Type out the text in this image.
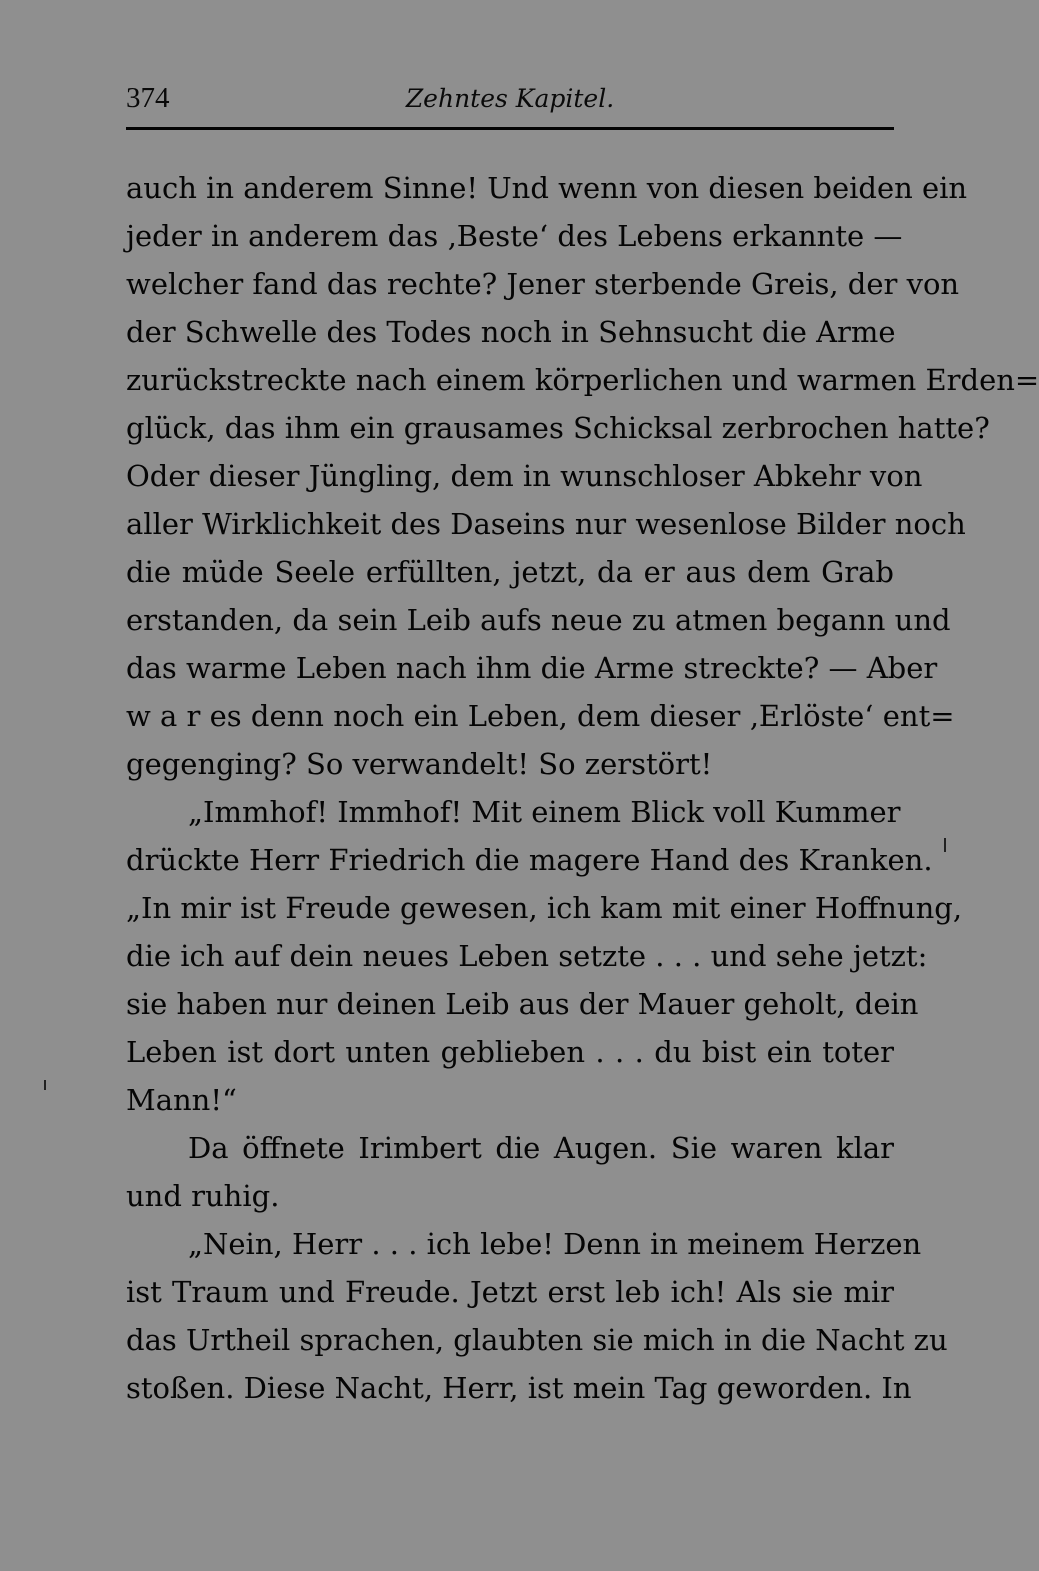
374	Zehntes Kapitel.
auch in anderem Sinne! Und wenn von diesen beiden ein
jeder in anderem das ‚Beste‘ des Lebens erkannte —
welcher fand das rechte? Jener sterbende Greis, der von
der Schwelle des Todes noch in Sehnsucht die Arme
zurückstreckte nach einem körperlichen und warmen Erden=
glück, das ihm ein grausames Schicksal zerbrochen hatte?
Oder dieser Jüngling, dem in wunschloser Abkehr von
aller Wirklichkeit des Daseins nur wesenlose Bilder noch
die müde Seele erfüllten, jetzt, da er aus dem Grab
erstanden, da sein Leib aufs neue zu atmen begann und
das warme Leben nach ihm die Arme streckte? — Aber
w a r es denn noch ein Leben, dem dieser ‚Erlöste‘ ent=
gegenging? So verwandelt! So zerstört!
„Immhof! Immhof! Mit einem Blick voll Kummer
drückte Herr Friedrich die magere Hand des Kranken.
„In mir ist Freude gewesen, ich kam mit einer Hoffnung,
die ich auf dein neues Leben setzte . . . und sehe jetzt:
sie haben nur deinen Leib aus der Mauer geholt, dein
Leben ist dort unten geblieben . . . du bist ein toter
Mann!“
Da öffnete Irimbert die Augen. Sie waren klar
und ruhig.
„Nein, Herr . . . ich lebe! Denn in meinem Herzen
ist Traum und Freude. Jetzt erst leb ich! Als sie mir
das Urtheil sprachen, glaubten sie mich in die Nacht zu
stoßen. Diese Nacht, Herr, ist mein Tag geworden. In
